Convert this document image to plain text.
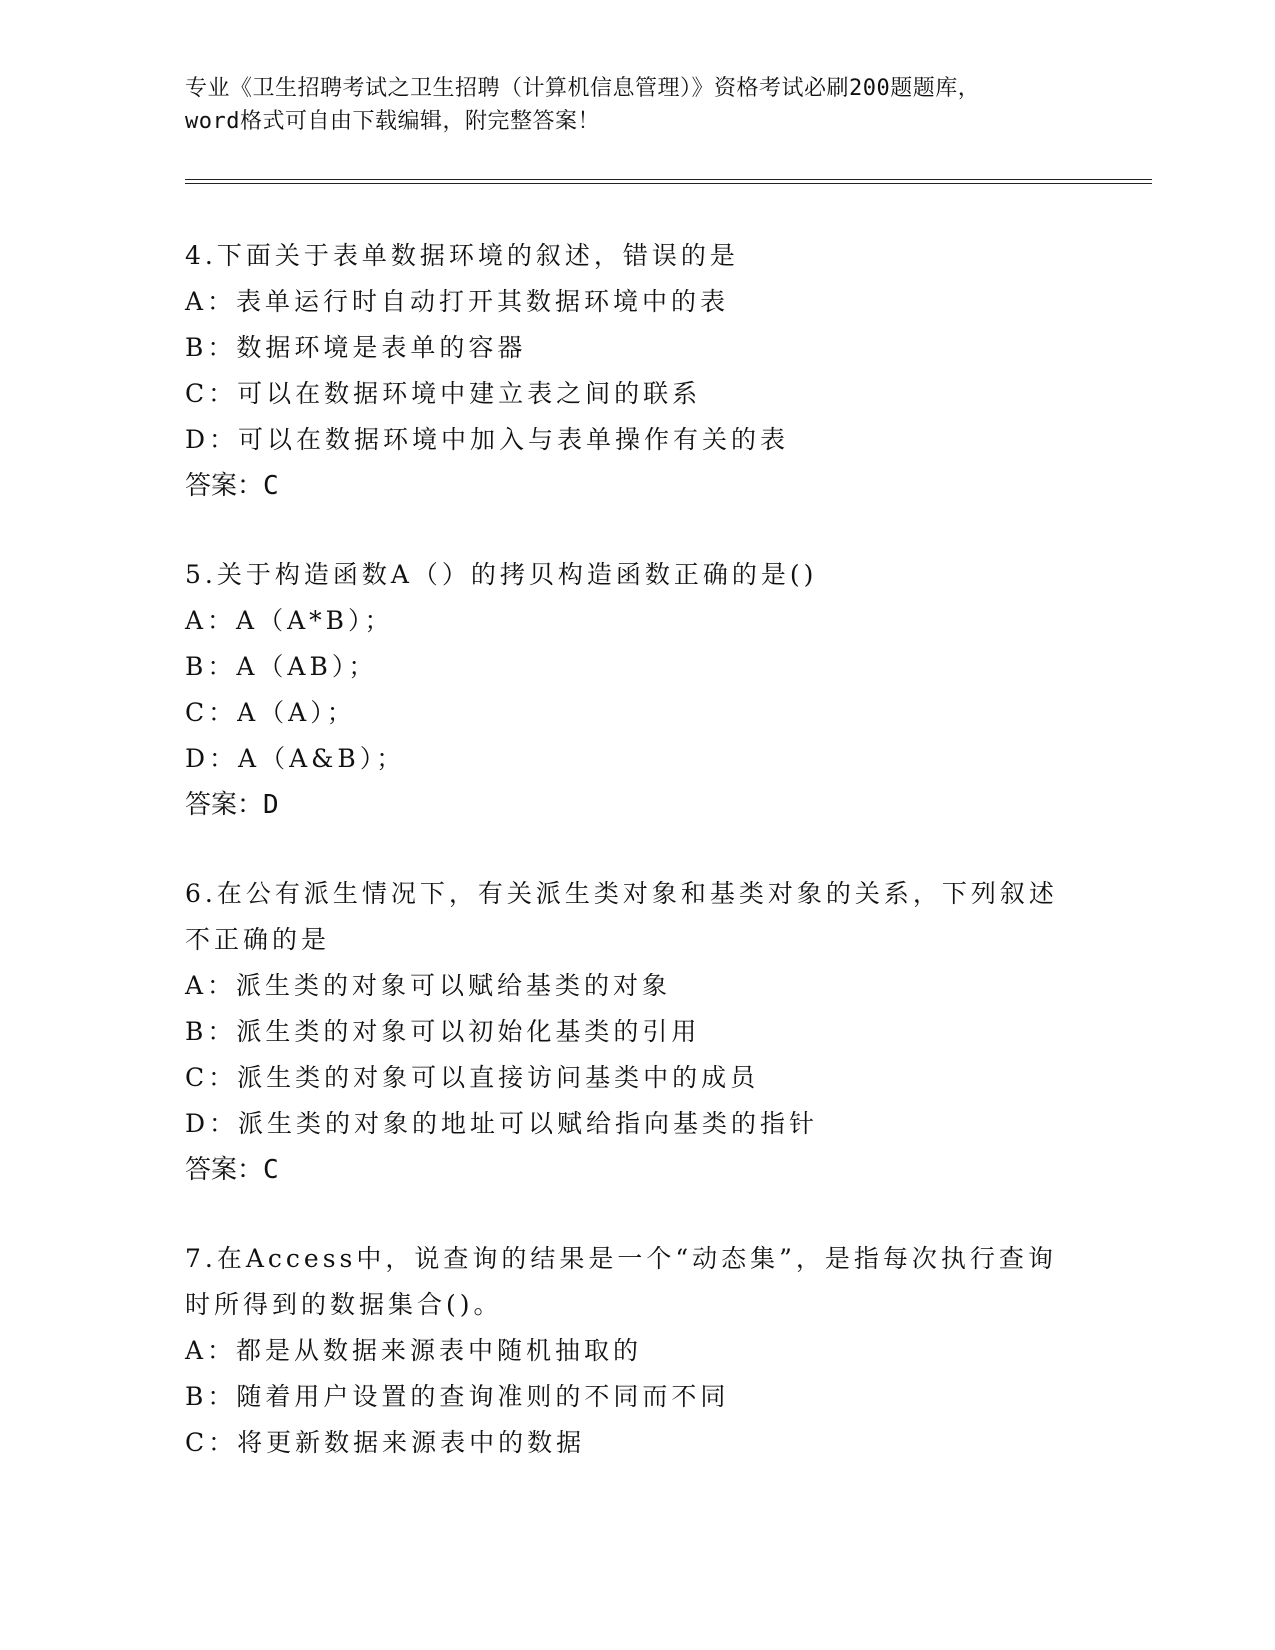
专业《卫生招聘考试之卫生招聘（计算机信息管理）》资格考试必刷200题题库，
word格式可自由下载编辑，附完整答案！
4.下面关于表单数据环境的叙述，错误的是
A：表单运行时自动打开其数据环境中的表
B：数据环境是表单的容器
C：可以在数据环境中建立表之间的联系
D：可以在数据环境中加入与表单操作有关的表
答案：C
5.关于构造函数A（）的拷贝构造函数正确的是()
A：A（A*B）；
B：A（AB）；
C：A（A）；
D：A（A&B）；
答案：D
6.在公有派生情况下，有关派生类对象和基类对象的关系，下列叙述
不正确的是
A：派生类的对象可以赋给基类的对象
B：派生类的对象可以初始化基类的引用
C：派生类的对象可以直接访问基类中的成员
D：派生类的对象的地址可以赋给指向基类的指针
答案：C
7.在Access中，说查询的结果是一个“动态集”，是指每次执行查询
时所得到的数据集合()。
A：都是从数据来源表中随机抽取的
B：随着用户设置的查询准则的不同而不同
C：将更新数据来源表中的数据
